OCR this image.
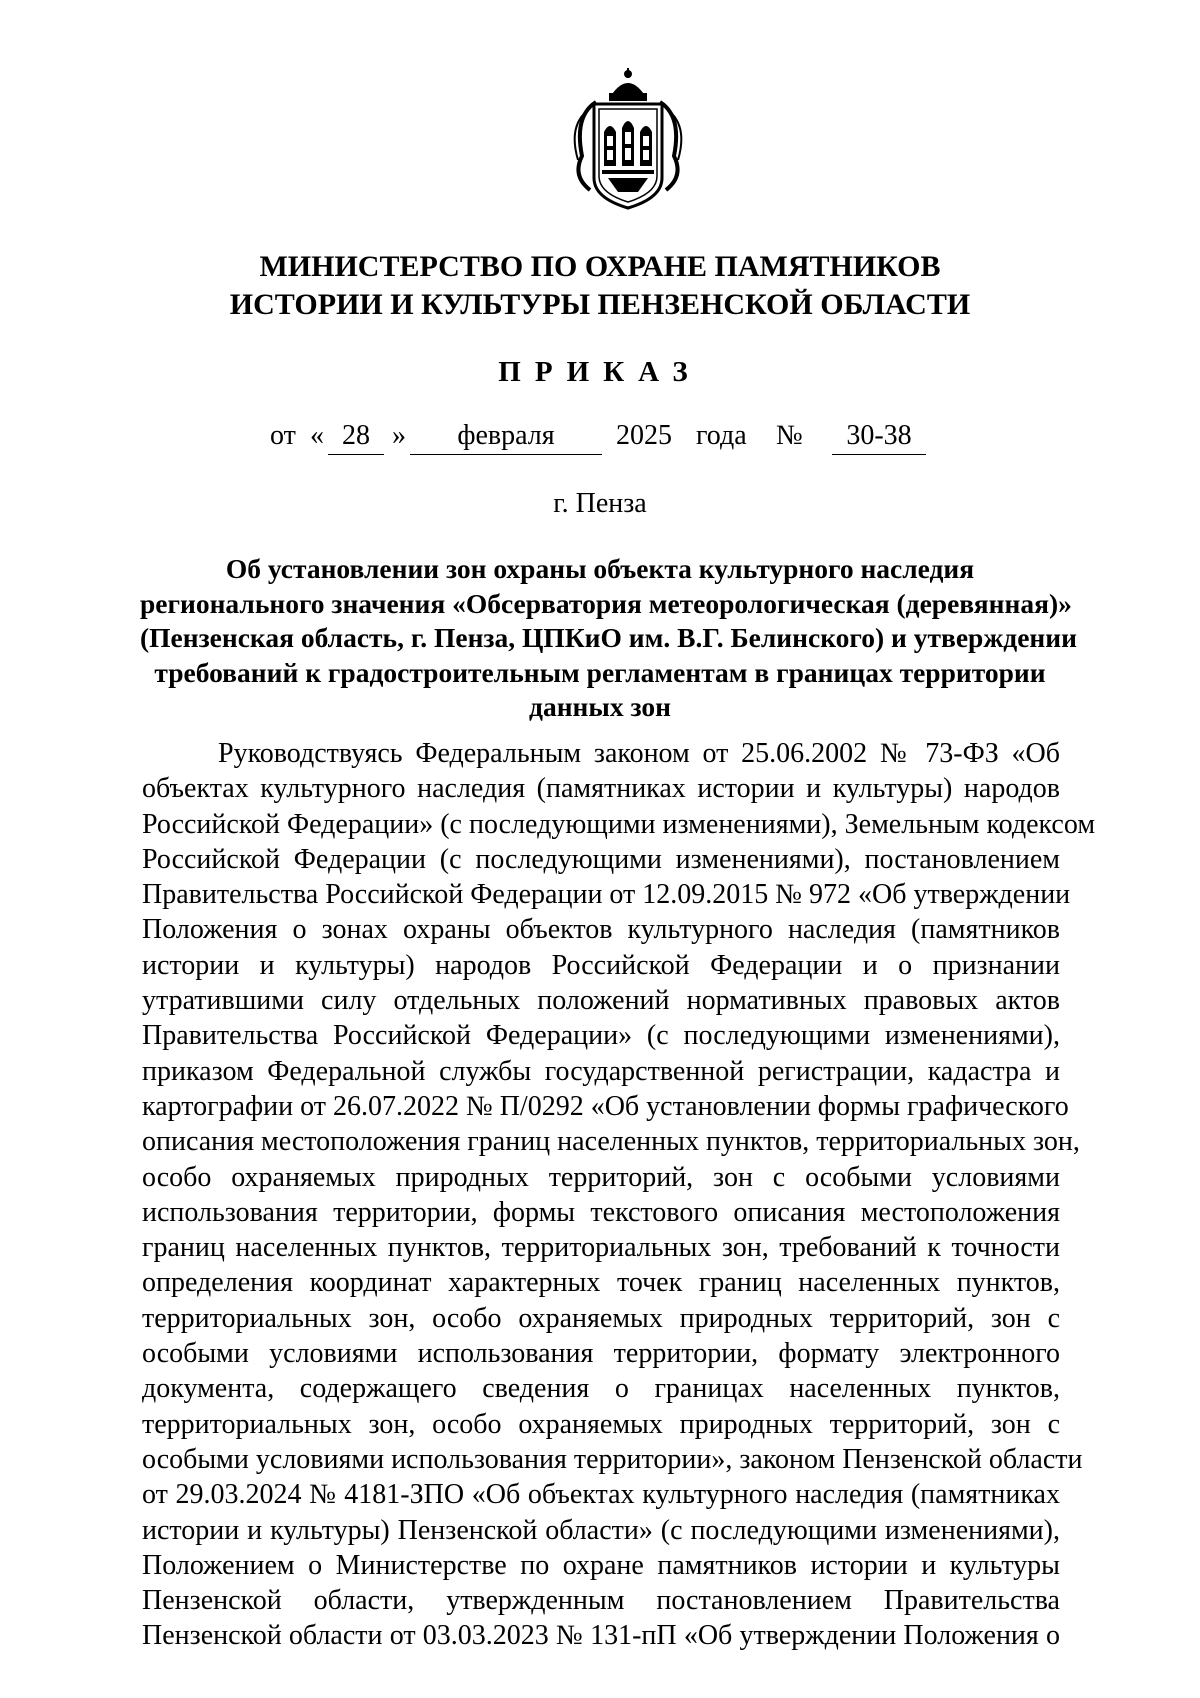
МИНИСТЕРСТВО ПО ОХРАНЕ ПАМЯТНИКОВ
ИСТОРИИ И КУЛЬТУРЫ ПЕНЗЕНСКОЙ ОБЛАСТИ
ПРИКАЗ
от « 28 »	февраля	2025 года №	30-38
г. Пенза
Об установлении зон охраны объекта культурного наследия
регионального значения «Обсерватория метеорологическая (деревянная)»
(Пензенская область, г. Пенза, ЦПКиО им. В.Г. Белинского) и утверждении
требований к градостроительным регламентам в границах территории
данных зон
Руководствуясь Федеральным законом от 25.06.2002 № 73-ФЗ «Об
объектах культурного наследия (памятниках истории и культуры) народов
Российской Федерации» (с последующими изменениями), Земельным кодексом
Российской Федерации (с последующими изменениями), постановлением
Правительства Российской Федерации от 12.09.2015 № 972 «Об утверждении
Положения о зонах охраны объектов культурного наследия (памятников
истории и культуры) народов Российской Федерации и о признании
утратившими силу отдельных положений нормативных правовых актов
Правительства Российской Федерации» (с последующими изменениями),
приказом Федеральной службы государственной регистрации, кадастра и
картографии от 26.07.2022 № П/0292 «Об установлении формы графического
описания местоположения границ населенных пунктов, территориальных зон,
особо охраняемых природных территорий, зон с особыми условиями
использования территории, формы текстового описания местоположения
границ населенных пунктов, территориальных зон, требований к точности
определения координат характерных точек границ населенных пунктов,
территориальных зон, особо охраняемых природных территорий, зон с
особыми условиями использования территории, формату электронного
документа, содержащего сведения о границах населенных пунктов,
территориальных зон, особо охраняемых природных территорий, зон с
особыми условиями использования территории», законом Пензенской области
от 29.03.2024 № 4181-ЗПО «Об объектах культурного наследия (памятниках
истории и культуры) Пензенской области» (с последующими изменениями),
Положением о Министерстве по охране памятников истории и культуры
Пензенской области, утвержденным постановлением Правительства
Пензенской области от 03.03.2023 № 131-пП «Об утверждении Положения о
